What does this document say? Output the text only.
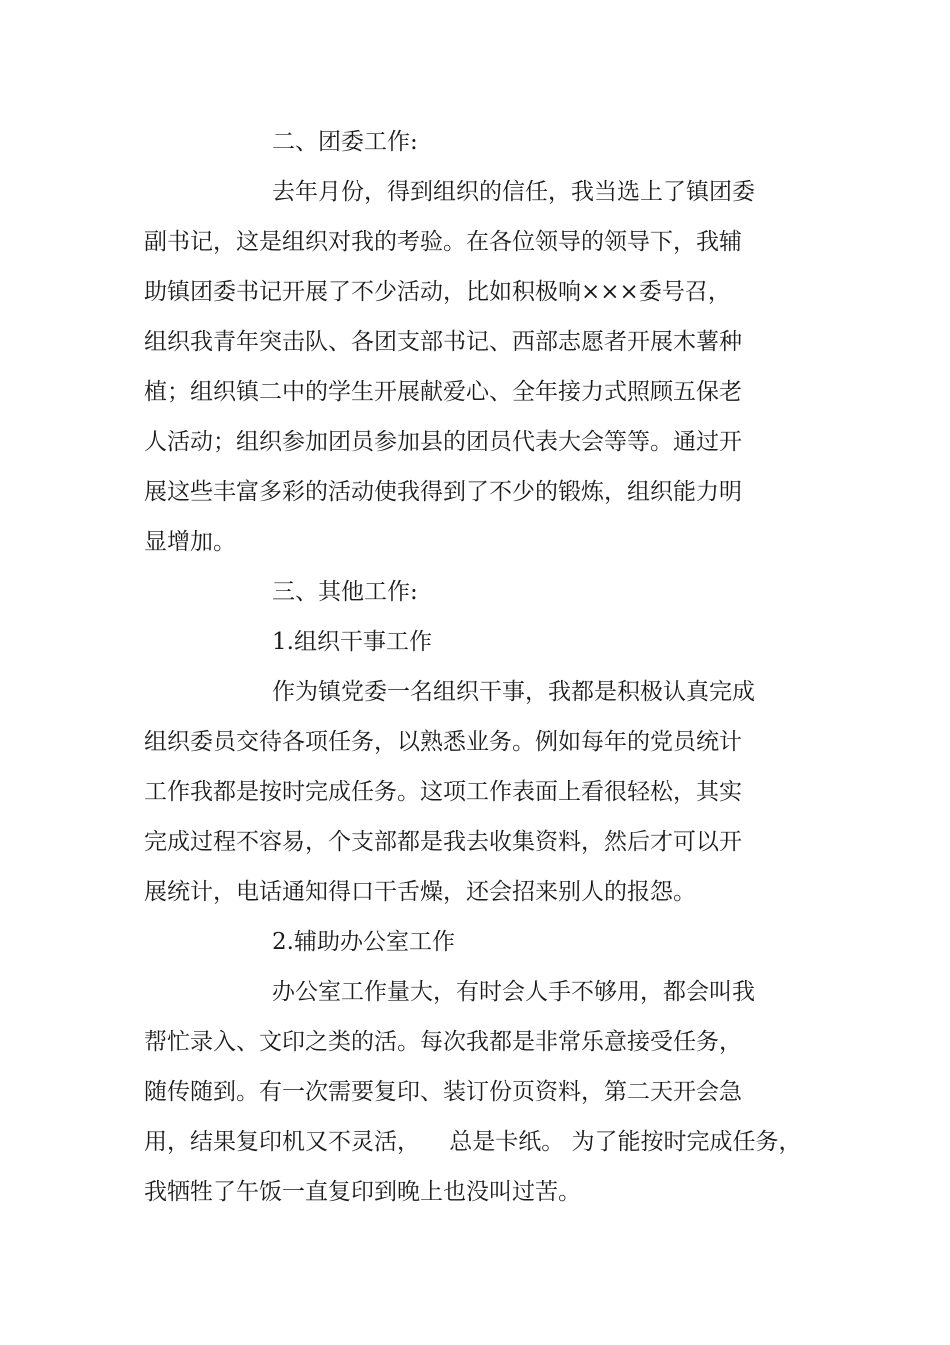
二、团委工作:
去年月份，得到组织的信任，我当选上了镇团委
副书记，这是组织对我的考验。在各位领导的领导下，我辅
助镇团委书记开展了不少活动，比如积极响×××委号召，
组织我青年突击队、各团支部书记、西部志愿者开展木薯种
植；组织镇二中的学生开展献爱心、全年接力式照顾五保老
人活动；组织参加团员参加县的团员代表大会等等。通过开
展这些丰富多彩的活动使我得到了不少的锻炼，组织能力明
显增加。
三、其他工作:
1.组织干事工作
作为镇党委一名组织干事，我都是积极认真完成
组织委员交待各项任务，以熟悉业务。例如每年的党员统计
工作我都是按时完成任务。这项工作表面上看很轻松，其实
完成过程不容易，个支部都是我去收集资料，然后才可以开
展统计，电话通知得口干舌燥，还会招来别人的报怨。
2.辅助办公室工作
办公室工作量大，有时会人手不够用，都会叫我
帮忙录入、文印之类的活。每次我都是非常乐意接受任务，
随传随到。有一次需要复印、装订份页资料，第二天开会急
用，结果复印机又不灵活，    总是卡纸。 为了能按时完成任务，
我牺牲了午饭一直复印到晚上也没叫过苦。
